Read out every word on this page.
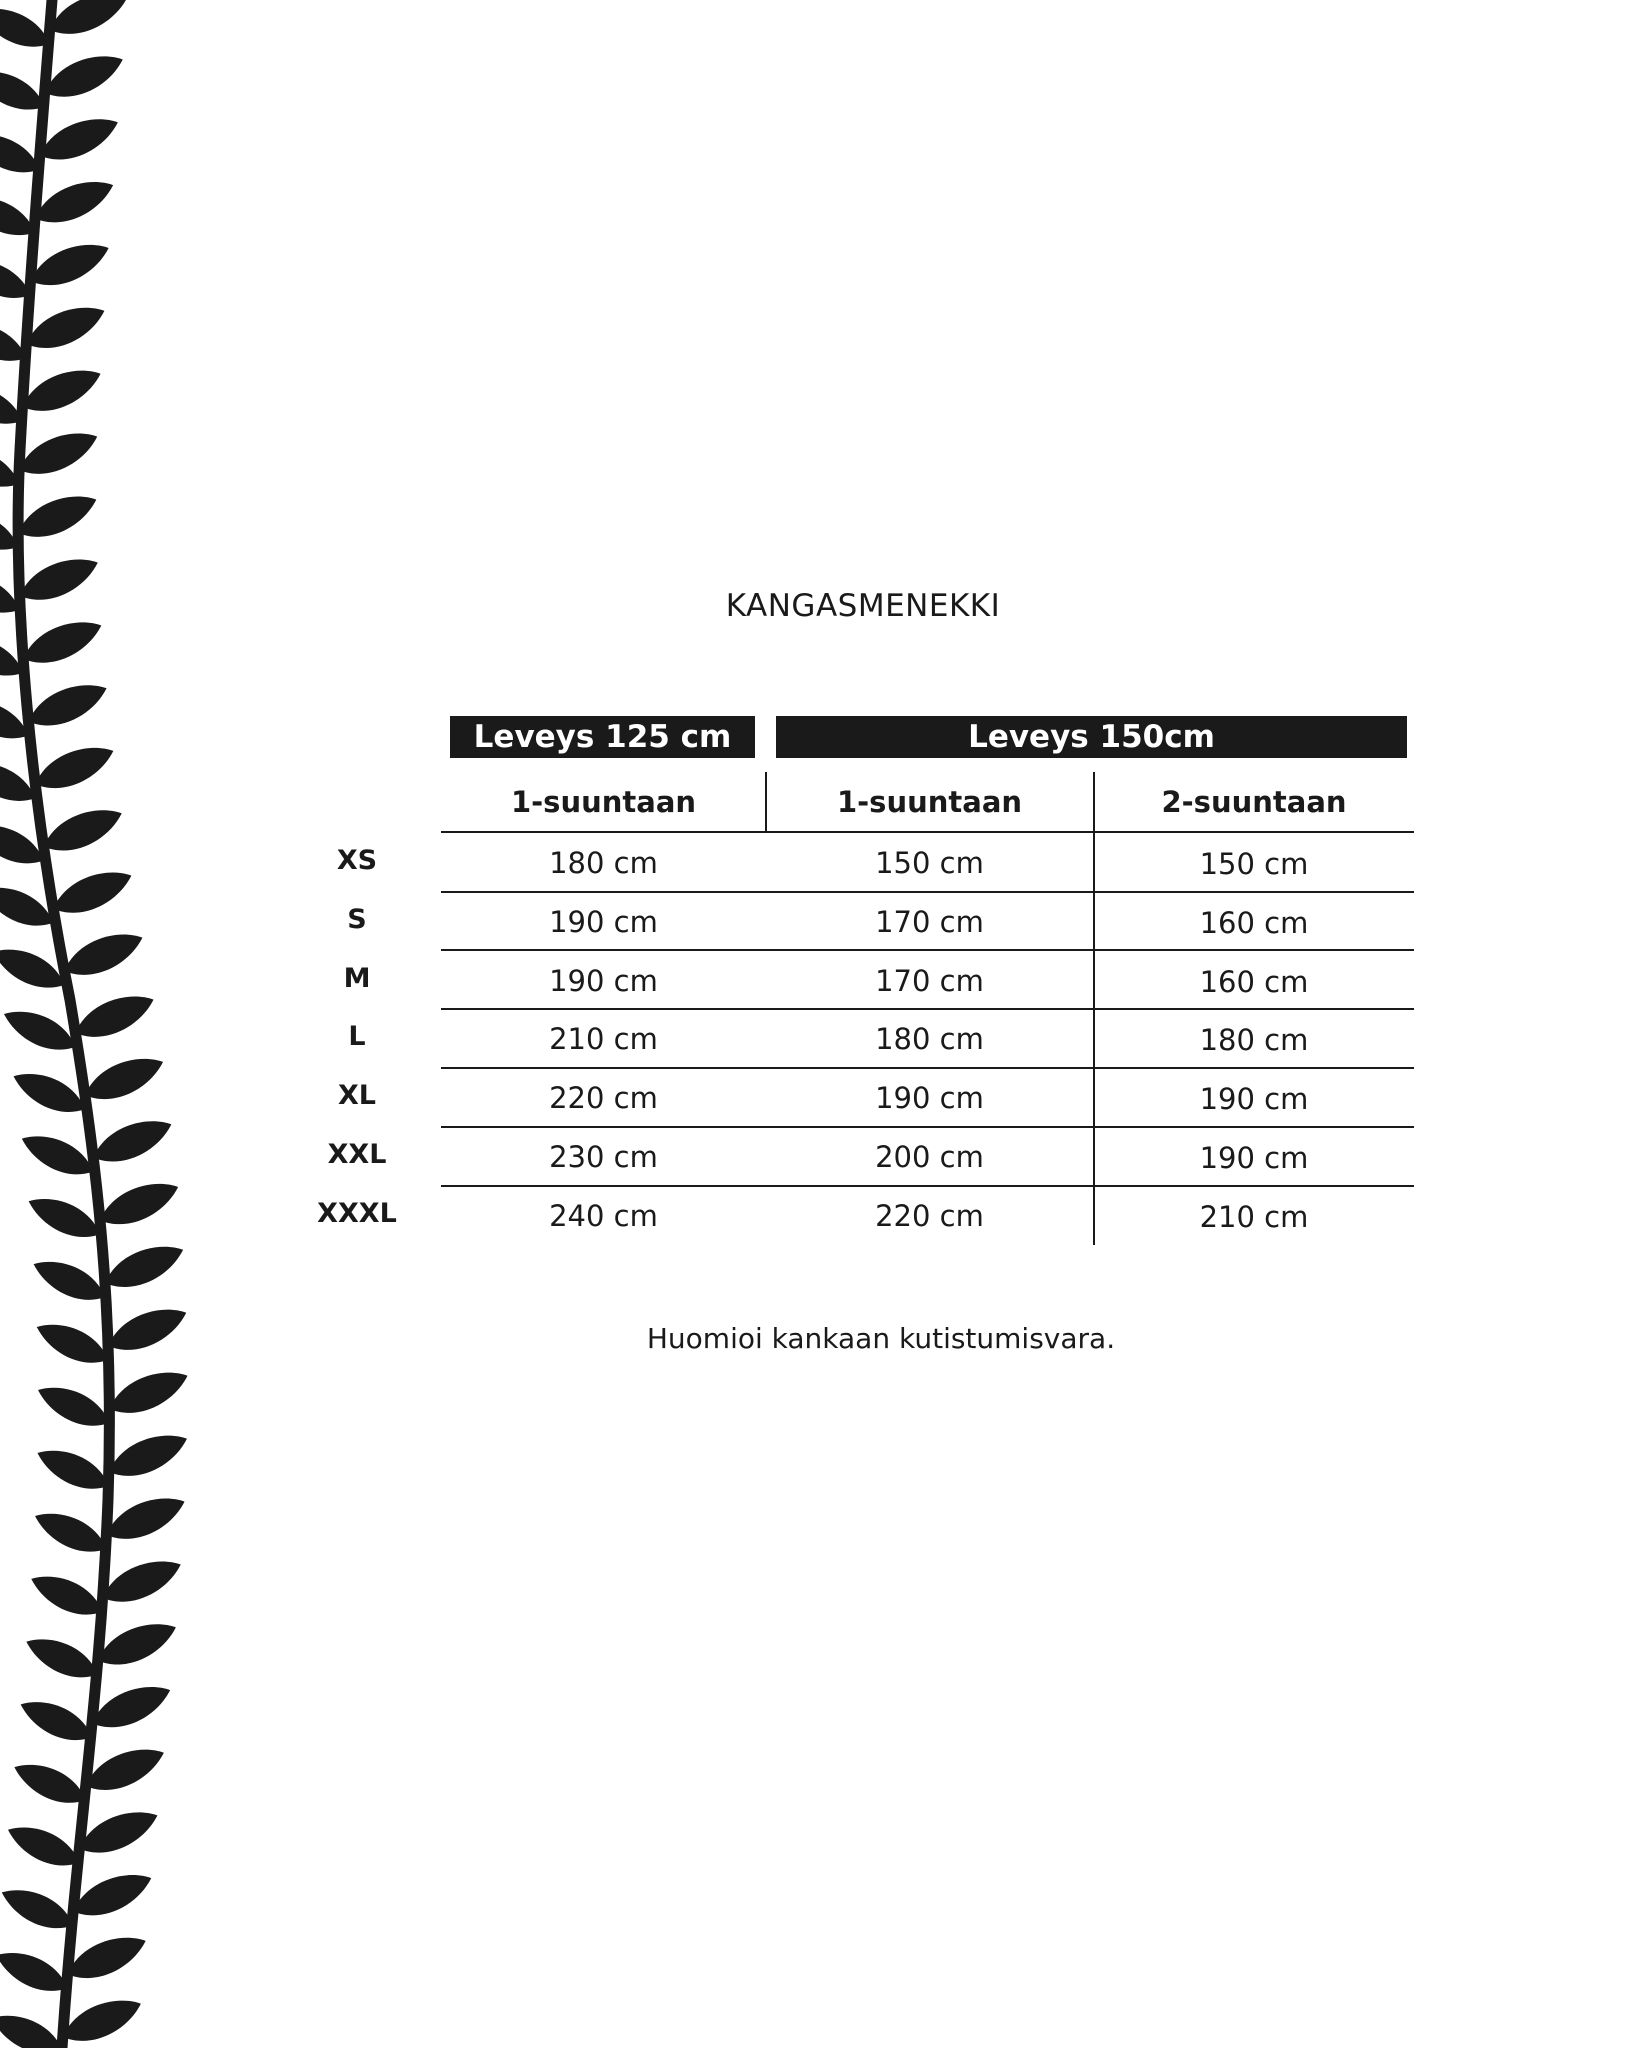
KANGASMENEKKI
Leveys 125 cm	Leveys 150cm
1-suuntaan	1-suuntaan	2-suuntaan
XS	180 cm	150 cm	150 cm
S	190 cm	170 cm	160 cm
M	190 cm	170 cm	160 cm
L	210 cm	180 cm	180 cm
XL	220 cm	190 cm	190 cm
XXL	230 cm	200 cm	190 cm
XXXL	240 cm	220 cm	210 cm
Huomioi kankaan kutistumisvara.
